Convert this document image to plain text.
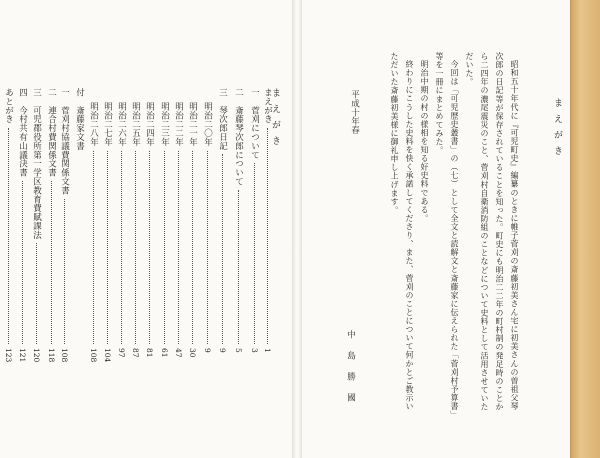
まえがき
まえがき
1
一　菅刈について
3
二　斎藤琴次郎について
5
三　琴次郎日記
9
明治二〇年
9
明治二一年
30
明治二二年
47
明治二三年
61
明治二四年
81
明治二五年
87
明治二六年
97
明治二七年
104
明治二八年
108
付　斎藤家文書
一　菅刈村協議費関係文書
108
二　連合村費関係文書
118
三　可児郡役所第一学区教育費賦課法
120
四　今村共有山議決書
121
あとがき
123
まえがき

昭和五十年代に『可児町史』編纂のときに帷子菅刈の斎藤初美さん宅に初美さんの曽祖父琴次郎の日記等が保存されていることを知った。町史にも明治二二年の町村制の発足時のことから二四年の濃尾震災のこと、菅刈村自衛消防組のことなどについて史料として活用させていただいた。

今回は「可児歴史叢書」の（七）として全文と読解文と斎藤家に伝えられた「菅刈村予算書」等を一冊にまとめてみた。

明治中期の村の様相を知る好史料である。

終わりにこうした史料を快く承諾してくださり、また、菅刈のことについて何かとご教示いただいた斎藤初美様に御礼申し上げます。

平成十年春
中　島　勝　國
